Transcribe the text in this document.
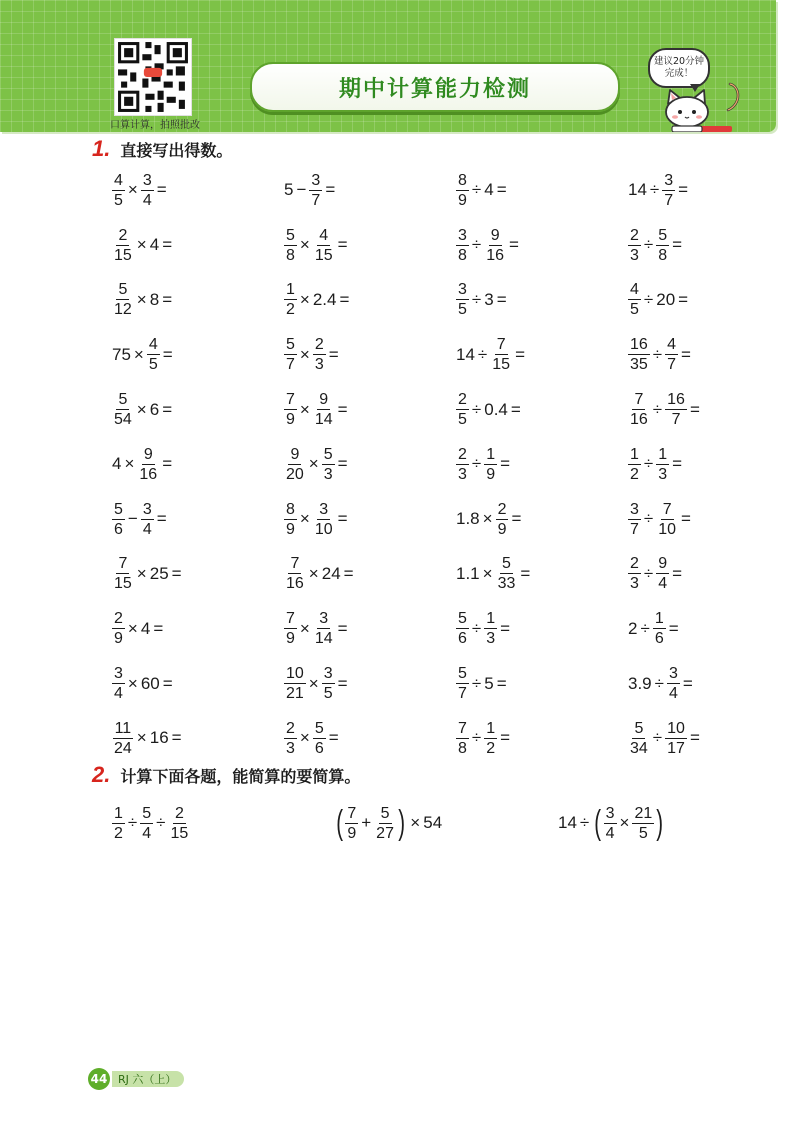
口算计算，拍照批改
期中计算能力检测
建议20分钟
完成！
1. 直接写出得数。
$\frac{4}{5} \times \frac{3}{4}$ =	$5 - \frac{3}{7}$ =	$\frac{8}{9} \div 4$ =	$14 \div \frac{3}{7}$ =
$\frac{2}{15} \times 4$ =	$\frac{5}{8} \times \frac{4}{15}$ =	$\frac{3}{8} \div \frac{9}{16}$ =	$\frac{2}{3} \div \frac{5}{8}$ =
$\frac{5}{12} \times 8$ =	$\frac{1}{2} \times 2.4$ =	$\frac{3}{5} \div 3$ =	$\frac{4}{5} \div 20$ =
$75 \times \frac{4}{5}$ =	$\frac{5}{7} \times \frac{2}{3}$ =	$14 \div \frac{7}{15}$ =	$\frac{16}{35} \div \frac{4}{7}$ =
$\frac{5}{54} \times 6$ =	$\frac{7}{9} \times \frac{9}{14}$ =	$\frac{2}{5} \div 0.4$ =	$\frac{7}{16} \div \frac{16}{7}$ =
$4 \times \frac{9}{16}$ =	$\frac{9}{20} \times \frac{5}{3}$ =	$\frac{2}{3} \div \frac{1}{9}$ =	$\frac{1}{2} \div \frac{1}{3}$ =
$\frac{5}{6} - \frac{3}{4}$ =	$\frac{8}{9} \times \frac{3}{10}$ =	$1.8 \times \frac{2}{9}$ =	$\frac{3}{7} \div \frac{7}{10}$ =
$\frac{7}{15} \times 25$ =	$\frac{7}{16} \times 24$ =	$1.1 \times \frac{5}{33}$ =	$\frac{2}{3} \div \frac{9}{4}$ =
$\frac{2}{9} \times 4$ =	$\frac{7}{9} \times \frac{3}{14}$ =	$\frac{5}{6} \div \frac{1}{3}$ =	$2 \div \frac{1}{6}$ =
$\frac{3}{4} \times 60$ =	$\frac{10}{21} \times \frac{3}{5}$ =	$\frac{5}{7} \div 5$ =	$3.9 \div \frac{3}{4}$ =
$\frac{11}{24} \times 16$ =	$\frac{2}{3} \times \frac{5}{6}$ =	$\frac{7}{8} \div \frac{1}{2}$ =	$\frac{5}{34} \div \frac{10}{17}$ =
2. 计算下面各题，能简算的要简算。
$\frac{1}{2} \div \frac{5}{4} \div \frac{2}{15}$	( $\frac{7}{9} + \frac{5}{27}$ ) × 54	14 ÷ ( $\frac{3}{4} \times \frac{21}{5}$ )
44 RJ 六（上）
